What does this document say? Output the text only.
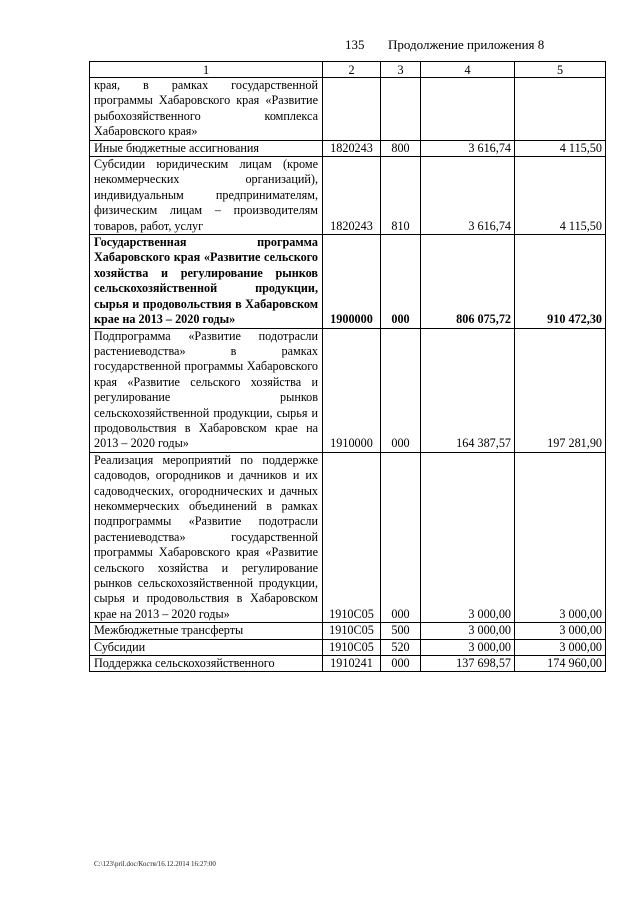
135 Продолжение приложения 8
1	2	3	4	5
края, в рамках государственной программы Хабаровского края «Развитие рыбохозяйственного комплекса Хабаровского края»				
Иные бюджетные ассигнования	1820243	800	3 616,74	4 115,50
Субсидии юридическим лицам (кроме некоммерческих организаций), индивидуальным предпринимателям, физическим лицам – производителям товаров, работ, услуг	1820243	810	3 616,74	4 115,50
Государственная программа Хабаровского края «Развитие сельского хозяйства и регулирование рынков сельскохозяйственной продукции, сырья и продовольствия в Хабаровском крае на 2013 – 2020 годы»	1900000	000	806 075,72	910 472,30
Подпрограмма «Развитие подотрасли растениеводства» в рамках государственной программы Хабаровского края «Развитие сельского хозяйства и регулирование рынков сельскохозяйственной продукции, сырья и продовольствия в Хабаровском крае на 2013 – 2020 годы»	1910000	000	164 387,57	197 281,90
Реализация мероприятий по поддержке садоводов, огородников и дачников и их садоводческих, огороднических и дачных некоммерческих объединений в рамках подпрограммы «Развитие подотрасли растениеводства» государственной программы Хабаровского края «Развитие сельского хозяйства и регулирование рынков сельскохозяйственной продукции, сырья и продовольствия в Хабаровском крае на 2013 – 2020 годы»	1910С05	000	3 000,00	3 000,00
Межбюджетные трансферты	1910С05	500	3 000,00	3 000,00
Субсидии	1910С05	520	3 000,00	3 000,00
Поддержка сельскохозяйственного	1910241	000	137 698,57	174 960,00
C:\123\pril.doc/Костя/16.12.2014 16:27:00
